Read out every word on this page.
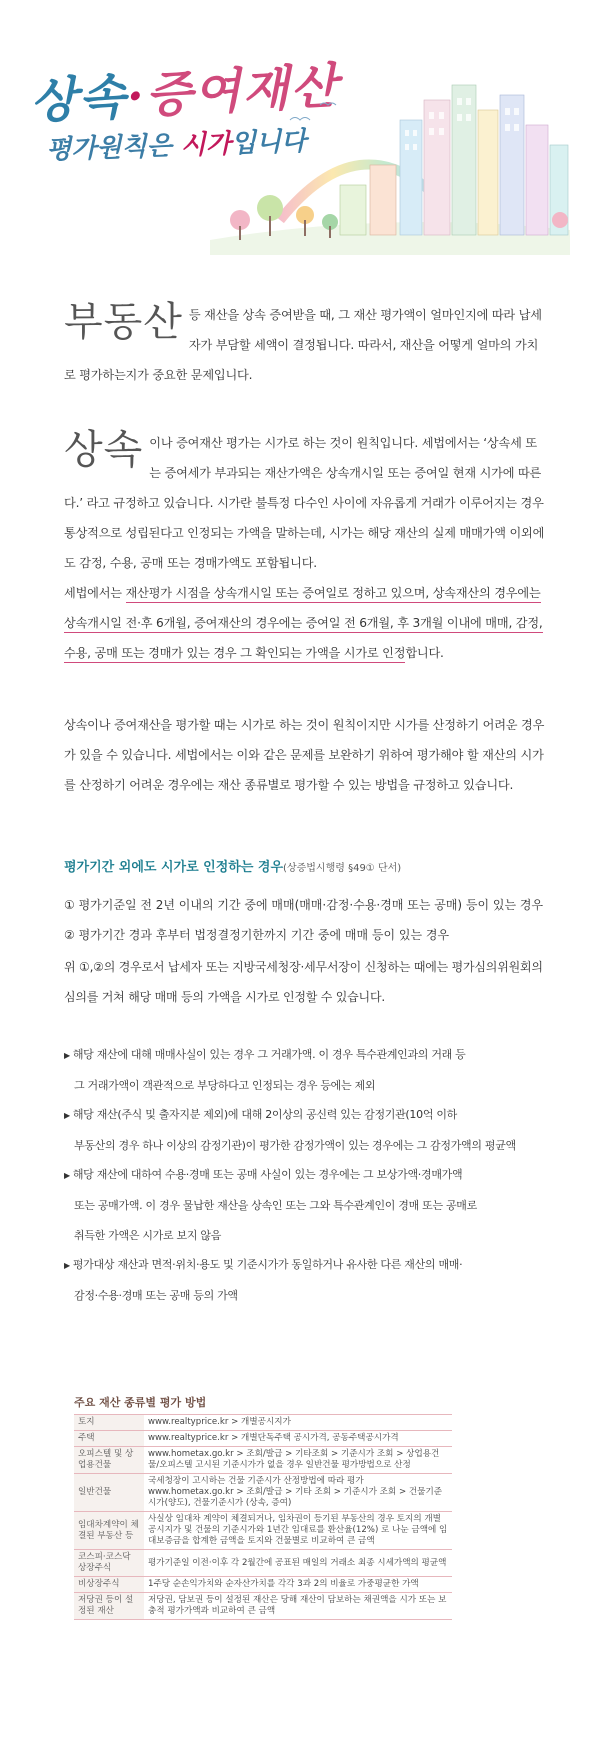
상속·증여재산
평가원칙은 시가입니다
부동산 등 재산을 상속 증여받을 때, 그 재산 평가액이 얼마인지에 따라 납세자가 부담할 세액이 결정됩니다. 따라서, 재산을 어떻게 얼마의 가치로 평가하는지가 중요한 문제입니다.
상속 이나 증여재산 평가는 시가로 하는 것이 원칙입니다. 세법에서는 ‘상속세 또는 증여세가 부과되는 재산가액은 상속개시일 또는 증여일 현재 시가에 따른다.’ 라고 규정하고 있습니다. 시가란 불특정 다수인 사이에 자유롭게 거래가 이루어지는 경우 통상적으로 성립된다고 인정되는 가액을 말하는데, 시가는 해당 재산의 실제 매매가액 이외에도 감정, 수용, 공매 또는 경매가액도 포함됩니다.
세법에서는 재산평가 시점을 상속개시일 또는 증여일로 정하고 있으며, 상속재산의 경우에는 상속개시일 전·후 6개월, 증여재산의 경우에는 증여일 전 6개월, 후 3개월 이내에 매매, 감정, 수용, 공매 또는 경매가 있는 경우 그 확인되는 가액을 시가로 인정합니다.
상속이나 증여재산을 평가할 때는 시가로 하는 것이 원칙이지만 시가를 산정하기 어려운 경우가 있을 수 있습니다. 세법에서는 이와 같은 문제를 보완하기 위하여 평가해야 할 재산의 시가를 산정하기 어려운 경우에는 재산 종류별로 평가할 수 있는 방법을 규정하고 있습니다.
평가기간 외에도 시가로 인정하는 경우(상증법시행령 §49① 단서)
① 평가기준일 전 2년 이내의 기간 중에 매매(매매·감정·수용·경매 또는 공매) 등이 있는 경우
② 평가기간 경과 후부터 법정결정기한까지 기간 중에 매매 등이 있는 경우
위 ①,②의 경우로서 납세자 또는 지방국세청장·세무서장이 신청하는 때에는 평가심의위원회의 심의를 거쳐 해당 매매 등의 가액을 시가로 인정할 수 있습니다.
▶ 해당 재산에 대해 매매사실이 있는 경우 그 거래가액. 이 경우 특수관계인과의 거래 등
그 거래가액이 객관적으로 부당하다고 인정되는 경우 등에는 제외
▶ 해당 재산(주식 및 출자지분 제외)에 대해 2이상의 공신력 있는 감정기관(10억 이하
부동산의 경우 하나 이상의 감정기관)이 평가한 감정가액이 있는 경우에는 그 감정가액의 평균액
▶ 해당 재산에 대하여 수용·경매 또는 공매 사실이 있는 경우에는 그 보상가액·경매가액
또는 공매가액. 이 경우 물납한 재산을 상속인 또는 그와 특수관계인이 경매 또는 공매로
취득한 가액은 시가로 보지 않음
▶ 평가대상 재산과 면적·위치·용도 및 기준시가가 동일하거나 유사한 다른 재산의 매매·
감정·수용·경매 또는 공매 등의 가액
주요 재산 종류별 평가 방법
토지	www.realtyprice.kr > 개별공시지가
주택	www.realtyprice.kr > 개별단독주택 공시가격, 공동주택공시가격
오피스텔 및 상업용건물	www.hometax.go.kr > 조회/발급 > 기타조회 > 기준시가 조회 > 상업용건물/오피스텔 고시된 기준시가가 없을 경우 일반건물 평가방법으로 산정
일반건물	국세청장이 고시하는 건물 기준시가 산정방법에 따라 평가 www.hometax.go.kr > 조회/발급 > 기타 조회 > 기준시가 조회 > 건물기준시가(양도), 건물기준시가 (상속, 증여)
임대차계약이 체결된 부동산 등	사실상 임대차 계약이 체결되거나, 임차권이 등기된 부동산의 경우 토지의 개별공시지가 및 건물의 기준시가와 1년간 임대료를 환산율(12%) 로 나눈 금액에 임대보증금을 합계한 금액을 토지와 건물별로 비교하여 큰 금액
코스피·코스닥 상장주식	평가기준일 이전·이후 각 2월간에 공표된 매일의 거래소 최종 시세가액의 평균액
비상장주식	1주당 순손익가치와 순자산가치를 각각 3과 2의 비율로 가중평균한 가액
저당권 등이 설정된 재산	저당권, 담보권 등이 설정된 재산은 당해 재산이 담보하는 채권액을 시가 또는 보충적 평가가액과 비교하여 큰 금액
